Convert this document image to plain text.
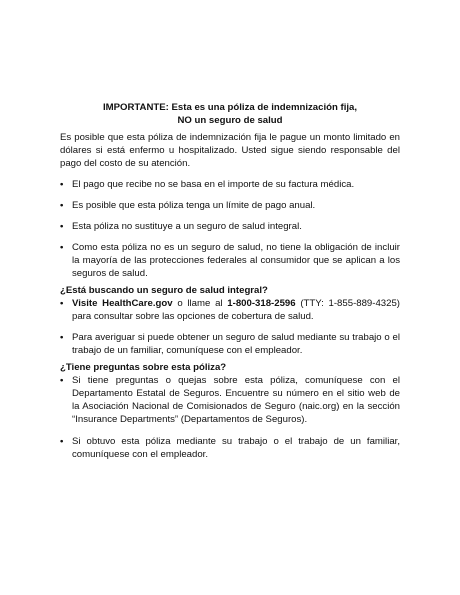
IMPORTANTE: Esta es una póliza de indemnización fija,
NO un seguro de salud
Es posible que esta póliza de indemnización fija le pague un monto limitado en dólares si está enfermo u hospitalizado. Usted sigue siendo responsable del pago del costo de su atención.
• El pago que recibe no se basa en el importe de su factura médica.
• Es posible que esta póliza tenga un límite de pago anual.
• Esta póliza no sustituye a un seguro de salud integral.
• Como esta póliza no es un seguro de salud, no tiene la obligación de incluir la mayoría de las protecciones federales al consumidor que se aplican a los seguros de salud.
¿Está buscando un seguro de salud integral?
• Visite HealthCare.gov o llame al 1-800-318-2596 (TTY: 1-855-889-4325) para consultar sobre las opciones de cobertura de salud.
• Para averiguar si puede obtener un seguro de salud mediante su trabajo o el trabajo de un familiar, comuníquese con el empleador.
¿Tiene preguntas sobre esta póliza?
• Si tiene preguntas o quejas sobre esta póliza, comuníquese con el Departamento Estatal de Seguros. Encuentre su número en el sitio web de la Asociación Nacional de Comisionados de Seguro (naic.org) en la sección “Insurance Departments” (Departamentos de Seguros).
• Si obtuvo esta póliza mediante su trabajo o el trabajo de un familiar, comuníquese con el empleador.
